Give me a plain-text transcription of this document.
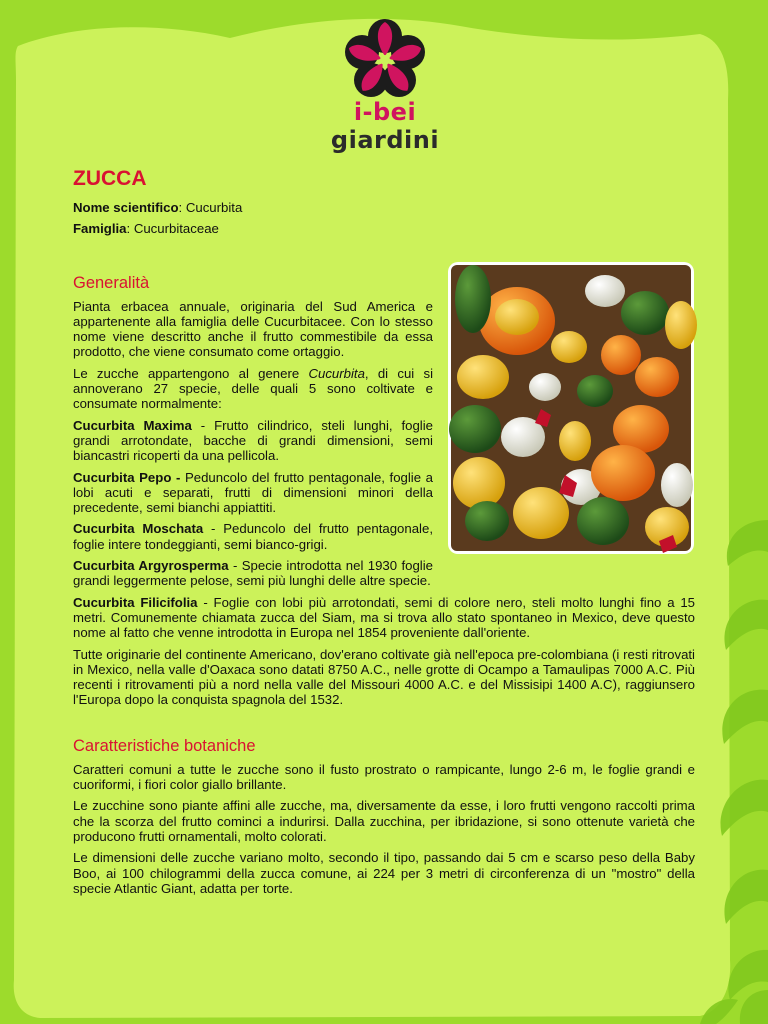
i-bei giardini
ZUCCA
Nome scientifico: Cucurbita
Famiglia: Cucurbitaceae
Generalità

Pianta erbacea annuale, originaria del Sud America e appartenente alla famiglia delle Cucurbitacee. Con lo stesso nome viene descritto anche il frutto commestibile da essa prodotto, che viene consumato come ortaggio.

Le zucche appartengono al genere Cucurbita, di cui si annoverano 27 specie, delle quali 5 sono coltivate e consumate normalmente:

Cucurbita Maxima - Frutto cilindrico, steli lunghi, foglie grandi arrotondate, bacche di grandi dimensioni, semi biancastri ricoperti da una pellicola.

Cucurbita Pepo - Peduncolo del frutto pentagonale, foglie a lobi acuti e separati, frutti di dimensioni minori della precedente, semi bianchi appiattiti.

Cucurbita Moschata - Peduncolo del frutto pentagonale, foglie intere tondeggianti, semi bianco-grigi.

Cucurbita Argyrosperma - Specie introdotta nel 1930 foglie grandi leggermente pelose, semi più lunghi delle altre specie.

Cucurbita Filicifolia - Foglie con lobi più arrotondati, semi di colore nero, steli molto lunghi fino a 15 metri. Comunemente chiamata zucca del Siam, ma si trova allo stato spontaneo in Mexico, deve questo nome al fatto che venne introdotta in Europa nel 1854 proveniente dall'oriente.

Tutte originarie del continente Americano, dov'erano coltivate già nell'epoca pre-colombiana (i resti ritrovati in Mexico, nella valle d'Oaxaca sono datati 8750 A.C., nelle grotte di Ocampo a Tamaulipas 7000 A.C. Più recenti i ritrovamenti più a nord nella valle del Missouri 4000 A.C. e del Missisipi 1400 A.C), raggiunsero l'Europa dopo la conquista spagnola del 1532.

Caratteristiche botaniche

Caratteri comuni a tutte le zucche sono il fusto prostrato o rampicante, lungo 2-6 m, le foglie grandi e cuoriformi, i fiori color giallo brillante.

Le zucchine sono piante affini alle zucche, ma, diversamente da esse, i loro frutti vengono raccolti prima che la scorza del frutto cominci a indurirsi. Dalla zucchina, per ibridazione, si sono ottenute varietà che producono frutti ornamentali, molto colorati.

Le dimensioni delle zucche variano molto, secondo il tipo, passando dai 5 cm e scarso peso della Baby Boo, ai 100 chilogrammi della zucca comune, ai 224 per 3 metri di circonferenza di un "mostro" della specie Atlantic Giant, adatta per torte.
